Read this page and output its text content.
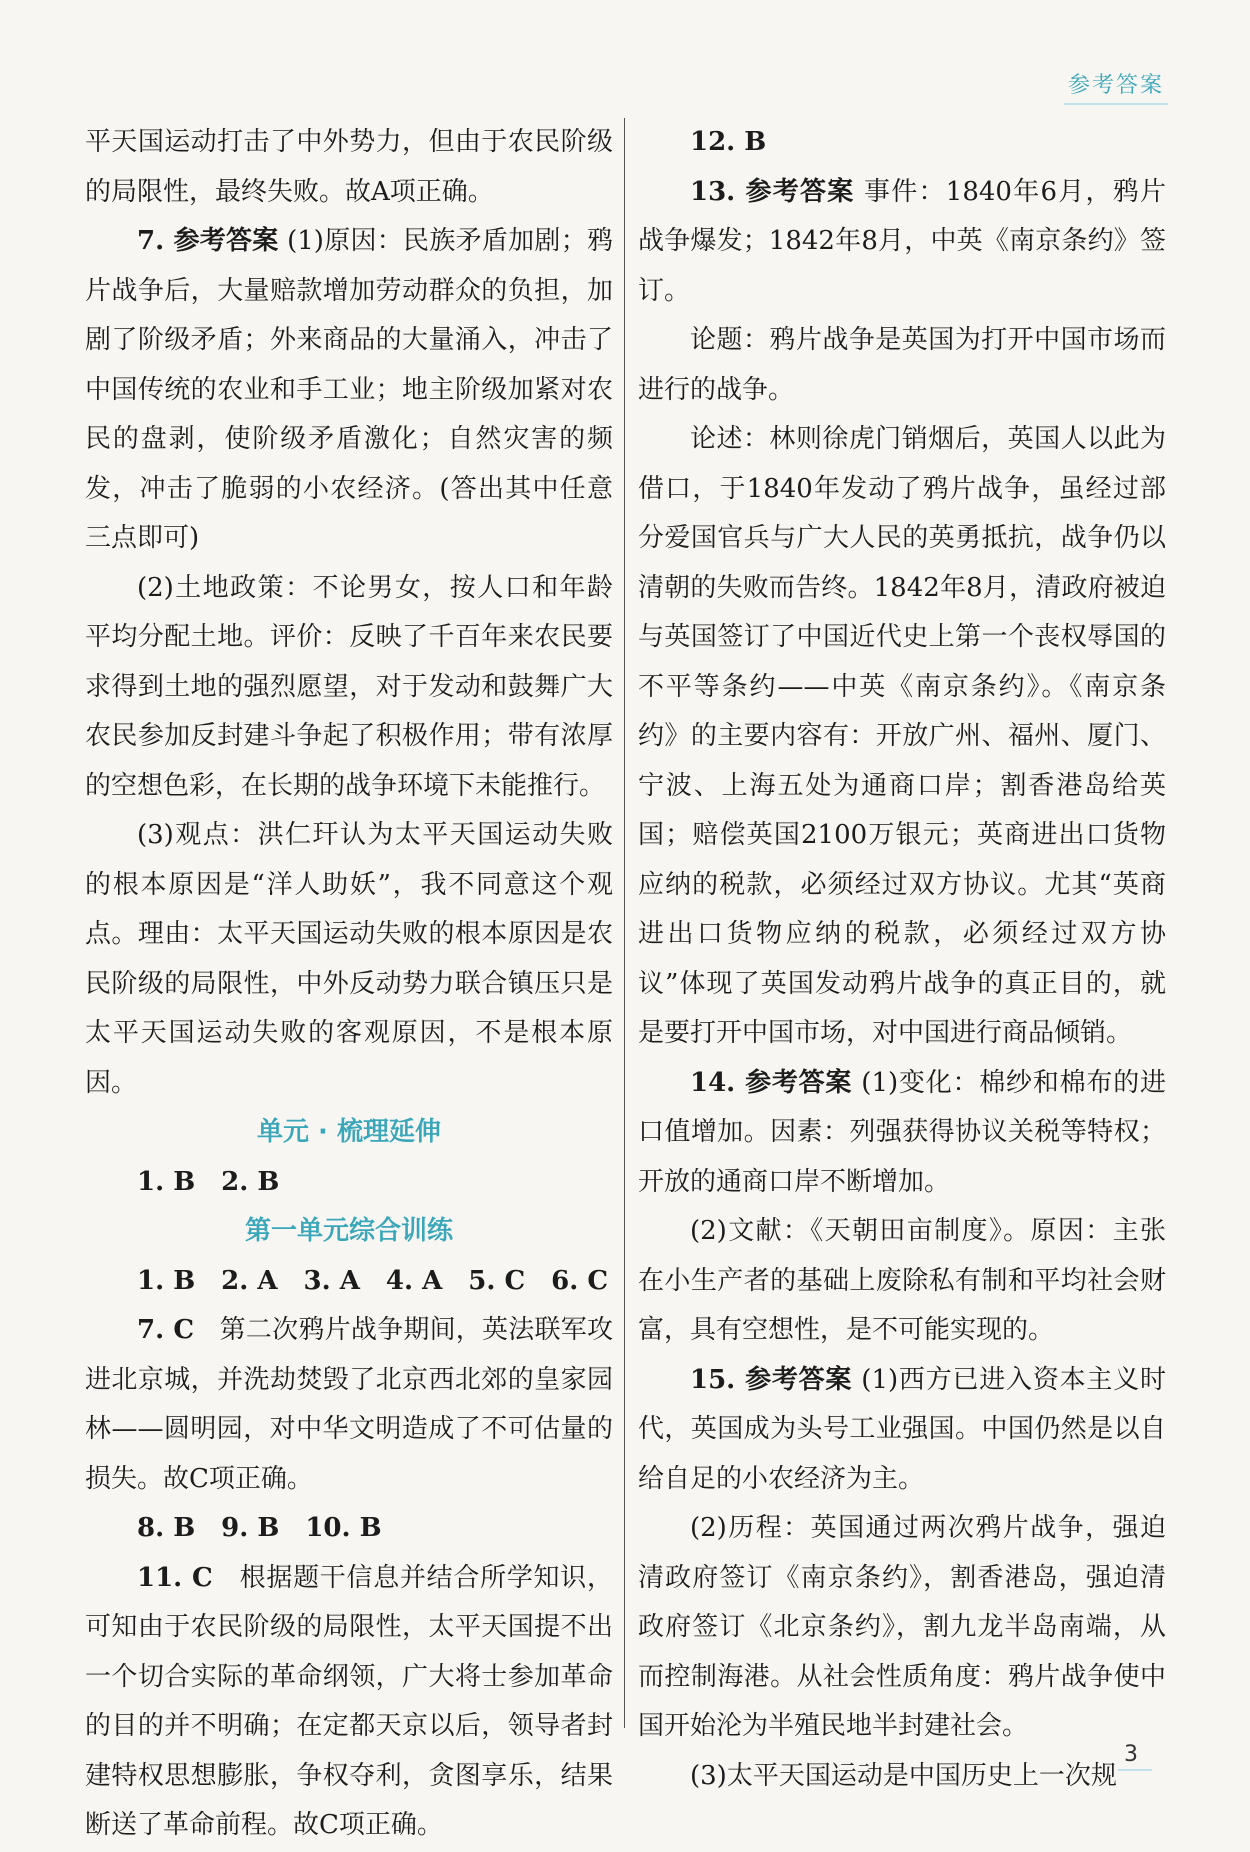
参考答案

平天国运动打击了中外势力，但由于农民阶级的局限性，最终失败。故A项正确。

7. 参考答案 (1)原因：民族矛盾加剧；鸦片战争后，大量赔款增加劳动群众的负担，加剧了阶级矛盾；外来商品的大量涌入，冲击了中国传统的农业和手工业；地主阶级加紧对农民的盘剥，使阶级矛盾激化；自然灾害的频发，冲击了脆弱的小农经济。(答出其中任意三点即可)

(2)土地政策：不论男女，按人口和年龄平均分配土地。评价：反映了千百年来农民要求得到土地的强烈愿望，对于发动和鼓舞广大农民参加反封建斗争起了积极作用；带有浓厚的空想色彩，在长期的战争环境下未能推行。

(3)观点：洪仁玕认为太平天国运动失败的根本原因是“洋人助妖”，我不同意这个观点。理由：太平天国运动失败的根本原因是农民阶级的局限性，中外反动势力联合镇压只是太平天国运动失败的客观原因，不是根本原因。

单元 · 梳理延伸

1. B　2. B

第一单元综合训练

1. B　2. A　3. A　4. A　5. C　6. C

7. C 第二次鸦片战争期间，英法联军攻进北京城，并洗劫焚毁了北京西北郊的皇家园林——圆明园，对中华文明造成了不可估量的损失。故C项正确。

8. B　9. B　10. B

11. C 根据题干信息并结合所学知识，可知由于农民阶级的局限性，太平天国提不出一个切合实际的革命纲领，广大将士参加革命的目的并不明确；在定都天京以后，领导者封建特权思想膨胀，争权夺利，贪图享乐，结果断送了革命前程。故C项正确。

12. B

13. 参考答案 事件：1840年6月，鸦片战争爆发；1842年8月，中英《南京条约》签订。

论题：鸦片战争是英国为打开中国市场而进行的战争。

论述：林则徐虎门销烟后，英国人以此为借口，于1840年发动了鸦片战争，虽经过部分爱国官兵与广大人民的英勇抵抗，战争仍以清朝的失败而告终。1842年8月，清政府被迫与英国签订了中国近代史上第一个丧权辱国的不平等条约——中英《南京条约》。《南京条约》的主要内容有：开放广州、福州、厦门、宁波、上海五处为通商口岸；割香港岛给英国；赔偿英国2100万银元；英商进出口货物应纳的税款，必须经过双方协议。尤其“英商进出口货物应纳的税款，必须经过双方协议”体现了英国发动鸦片战争的真正目的，就是要打开中国市场，对中国进行商品倾销。

14. 参考答案 (1)变化：棉纱和棉布的进口值增加。因素：列强获得协议关税等特权；开放的通商口岸不断增加。

(2)文献：《天朝田亩制度》。原因：主张在小生产者的基础上废除私有制和平均社会财富，具有空想性，是不可能实现的。

15. 参考答案 (1)西方已进入资本主义时代，英国成为头号工业强国。中国仍然是以自给自足的小农经济为主。

(2)历程：英国通过两次鸦片战争，强迫清政府签订《南京条约》，割香港岛，强迫清政府签订《北京条约》，割九龙半岛南端，从而控制海港。从社会性质角度：鸦片战争使中国开始沦为半殖民地半封建社会。

(3)太平天国运动是中国历史上一次规

3
